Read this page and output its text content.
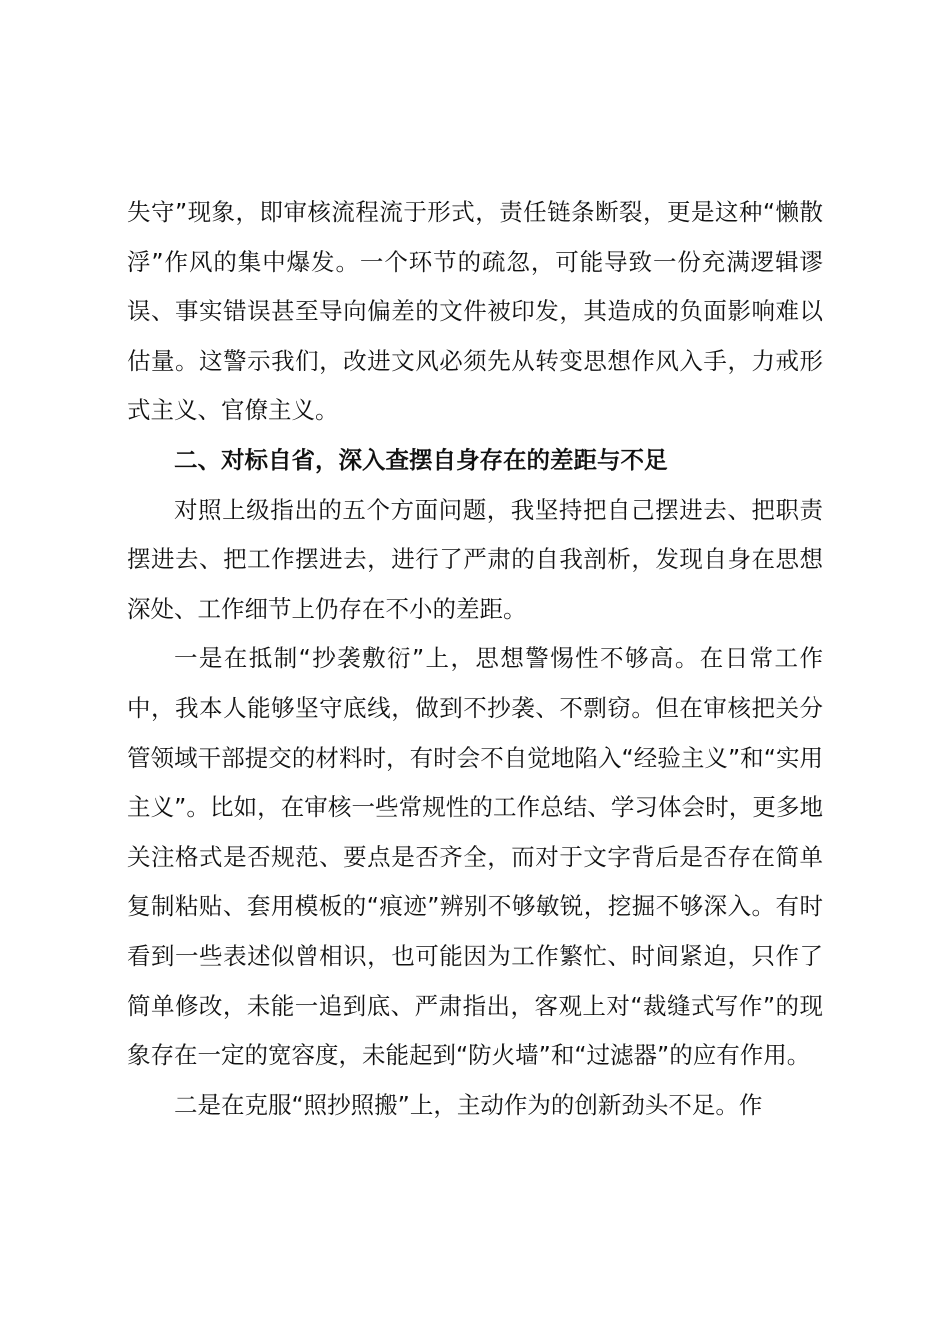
失守”现象，即审核流程流于形式，责任链条断裂，更是这种“懒散浮”作风的集中爆发。一个环节的疏忽，可能导致一份充满逻辑谬误、事实错误甚至导向偏差的文件被印发，其造成的负面影响难以估量。这警示我们，改进文风必须先从转变思想作风入手，力戒形式主义、官僚主义。

二、对标自省，深入查摆自身存在的差距与不足

对照上级指出的五个方面问题，我坚持把自己摆进去、把职责摆进去、把工作摆进去，进行了严肃的自我剖析，发现自身在思想深处、工作细节上仍存在不小的差距。

一是在抵制“抄袭敷衍”上，思想警惕性不够高。在日常工作中，我本人能够坚守底线，做到不抄袭、不剽窃。但在审核把关分管领域干部提交的材料时，有时会不自觉地陷入“经验主义”和“实用主义”。比如，在审核一些常规性的工作总结、学习体会时，更多地关注格式是否规范、要点是否齐全，而对于文字背后是否存在简单复制粘贴、套用模板的“痕迹”辨别不够敏锐，挖掘不够深入。有时看到一些表述似曾相识，也可能因为工作繁忙、时间紧迫，只作了简单修改，未能一追到底、严肃指出，客观上对“裁缝式写作”的现象存在一定的宽容度，未能起到“防火墙”和“过滤器”的应有作用。

二是在克服“照抄照搬”上，主动作为的创新劲头不足。作
